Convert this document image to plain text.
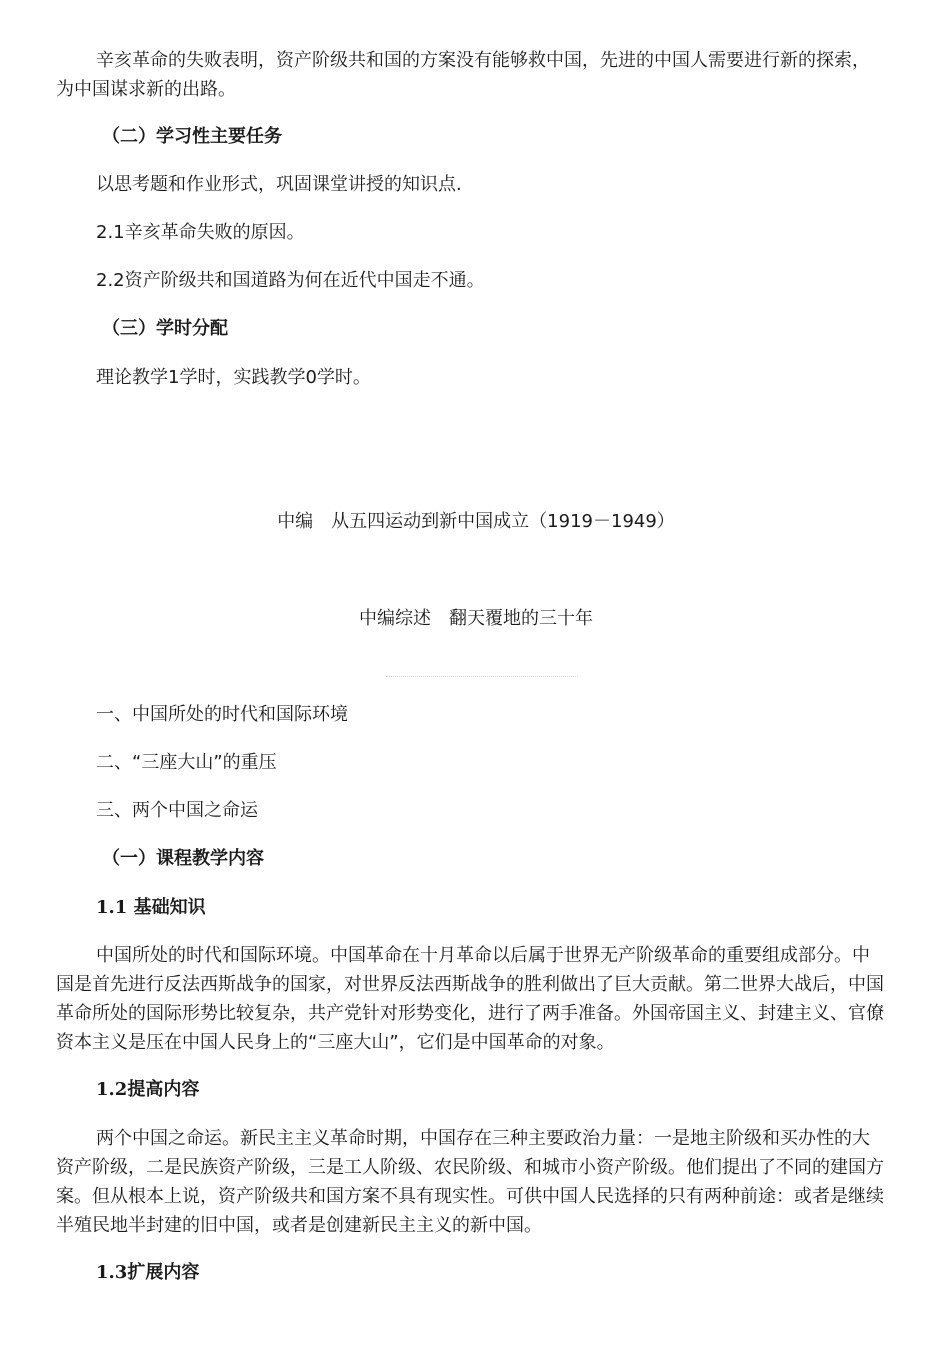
辛亥革命的失败表明，资产阶级共和国的方案没有能够救中国，先进的中国人需要进行新的探索，为中国谋求新的出路。

（二）学习性主要任务
以思考题和作业形式，巩固课堂讲授的知识点.
2.1辛亥革命失败的原因。
2.2资产阶级共和国道路为何在近代中国走不通。
（三）学时分配
理论教学1学时，实践教学0学时。
中编　从五四运动到新中国成立（1919－1949）
中编综述　翻天覆地的三十年
一、中国所处的时代和国际环境
二、“三座大山”的重压
三、两个中国之命运
（一）课程教学内容
1.1 基础知识

中国所处的时代和国际环境。中国革命在十月革命以后属于世界无产阶级革命的重要组成部分。中国是首先进行反法西斯战争的国家，对世界反法西斯战争的胜利做出了巨大贡献。第二世界大战后，中国革命所处的国际形势比较复杂，共产党针对形势变化，进行了两手准备。外国帝国主义、封建主义、官僚资本主义是压在中国人民身上的“三座大山”，它们是中国革命的对象。

1.2提高内容

两个中国之命运。新民主主义革命时期，中国存在三种主要政治力量：一是地主阶级和买办性的大资产阶级，二是民族资产阶级，三是工人阶级、农民阶级、和城市小资产阶级。他们提出了不同的建国方案。但从根本上说，资产阶级共和国方案不具有现实性。可供中国人民选择的只有两种前途：或者是继续半殖民地半封建的旧中国，或者是创建新民主主义的新中国。

1.3扩展内容
